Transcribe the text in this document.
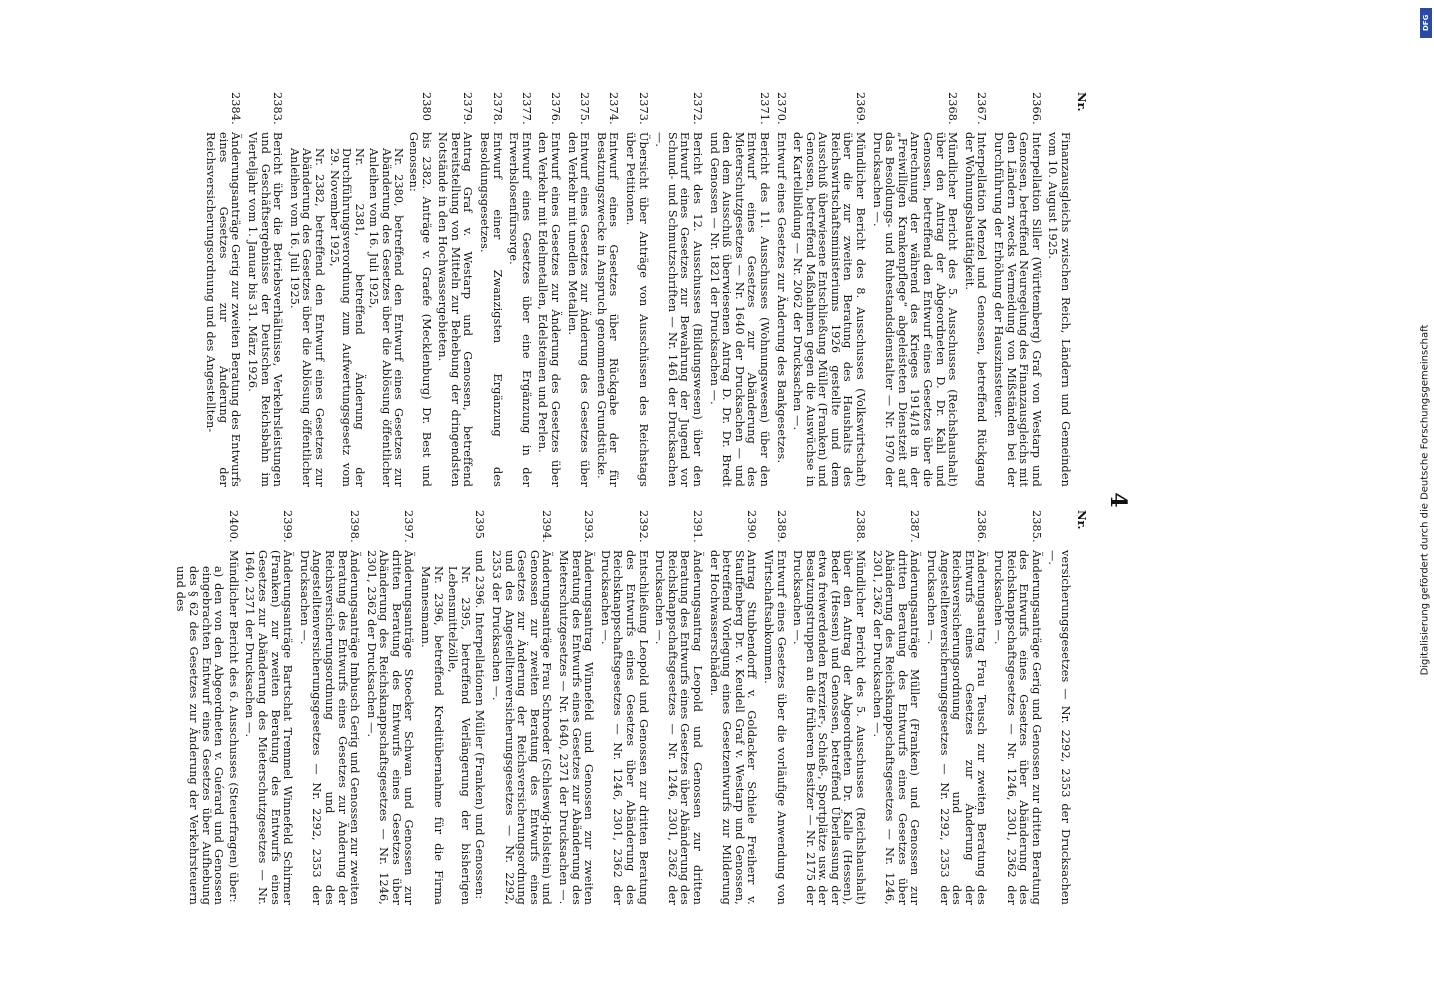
4
Nr.
Finanzausgleichs zwischen Reich, Ländern und Gemeinden vom 10. August 1925.
2366.
Interpellation Siller (Württemberg) Graf von Westarp und Genossen, betreffend Neuregelung des Finanzausgleichs mit den Ländern zwecks Vermeidung von Mißständen bei der Durchführung der Erhöhung der Hauszinssteuer.
2367.
Interpellation Menzel und Genossen, betreffend Rückgang der Wohnungsbautätigkeit.
2368.
Mündlicher Bericht des 5. Ausschusses (Reichshaushalt) über den Antrag der Abgeordneten D. Dr. Kahl und Genossen, betreffend den Entwurf eines Gesetzes über die Anrechnung der während des Krieges 1914/18 in der „Freiwilligen Krankenpflege“ abgeleisteten Dienstzeit auf das Besoldungs- und Ruhestandsdienstalter — Nr. 1970 der Drucksachen —.
2369.
Mündlicher Bericht des 8. Ausschusses (Volkswirtschaft) über die zur zweiten Beratung des Haushalts des Reichswirtschaftsministeriums 1926 gestellte und dem Ausschuß überwiesene Entschließung Müller (Franken) und Genossen, betreffend Maßnahmen gegen die Auswüchse in der Kartellbildung — Nr. 2062 der Drucksachen —.
2370.
Entwurf eines Gesetzes zur Änderung des Bankgesetzes.
2371.
Bericht des 11. Ausschusses (Wohnungswesen) über den Entwurf eines Gesetzes zur Abänderung des Mieterschutzgesetzes — Nr. 1640 der Drucksachen — und den dem Ausschuß überwiesenen Antrag D. Dr. Dr. Bredt und Genossen — Nr. 1821 der Drucksachen —.
2372.
Bericht des 12. Ausschusses (Bildungswesen) über den Entwurf eines Gesetzes zur Bewahrung der Jugend vor Schund- und Schmutzschriften — Nr. 1461 der Drucksachen —.
2373.
Übersicht über Anträge von Ausschüssen des Reichstags über Petitionen.
2374.
Entwurf eines Gesetzes über Rückgabe der für Besatzungszwecke in Anspruch genommenen Grundstücke.
2375.
Entwurf eines Gesetzes zur Änderung des Gesetzes über den Verkehr mit unedlen Metallen.
2376.
Entwurf eines Gesetzes zur Änderung des Gesetzes über den Verkehr mit Edelmetallen, Edelsteinen und Perlen.
2377.
Entwurf eines Gesetzes über eine Ergänzung in der Erwerbslosenfürsorge.
2378.
Entwurf einer Zwanzigsten Ergänzung des Besoldungsgesetzes.
2379.
Antrag Graf v. Westarp und Genossen, betreffend Bereitstellung von Mitteln zur Behebung der dringendsten Notstände in den Hochwassergebieten.
2380
bis 2382. Anträge v. Graefe (Mecklenburg) Dr. Best und Genossen:
Nr. 2380, betreffend den Entwurf eines Gesetzes zur Abänderung des Gesetzes über die Ablösung öffentlicher Anleihen vom 16. Juli 1925,
Nr. 2381, betreffend Änderung der Durchführungsverordnung zum Aufwertungsgesetz vom 29. November 1925,
Nr. 2382, betreffend den Entwurf eines Gesetzes zur Abänderung des Gesetzes über die Ablösung öffentlicher Anleihen vom 16. Juli 1925.
2383.
Bericht über die Betriebsverhältnisse, Verkehrsleistungen und Geschäftsergebnisse der Deutschen Reichsbahn im Vierteljahr vom 1. Januar bis 31. März 1926.
2384.
Änderungsanträge Gerig zur zweiten Beratung des Entwurfs eines Gesetzes zur Änderung der Reichsversicherungsordnung und des Angestellten-
Nr.
versicherungsgesetzes — Nr. 2292, 2353 der Drucksachen —.
2385.
Änderungsanträge Gerig und Genossen zur dritten Beratung des Entwurfs eines Gesetzes über Abänderung des Reichsknappschaftsgesetzes — Nr. 1246, 2301, 2362 der Drucksachen —.
2386.
Änderungsantrag Frau Teusch zur zweiten Beratung des Entwurfs eines Gesetzes zur Änderung der Reichsversicherungsordnung und des Angestelltenversicherungsgesetzes — Nr. 2292, 2353 der Drucksachen —.
2387.
Änderungsanträge Müller (Franken) und Genossen zur dritten Beratung des Entwurfs eines Gesetzes über Abänderung des Reichsknappschaftsgesetzes — Nr. 1246, 2301, 2362 der Drucksachen —.
2388.
Mündlicher Bericht des 5. Ausschusses (Reichshaushalt) über den Antrag der Abgeordneten Dr. Kalle (Hessen), Beder (Hessen) und Genossen, betreffend Überlassung der etwa freiwerdenden Exerzier-, Schieß-, Sportplätze usw. der Besatzungstruppen an die früheren Besitzer — Nr. 2175 der Drucksachen —.
2389.
Entwurf eines Gesetzes über die vorläufige Anwendung von Wirtschaftsabkommen.
2390.
Antrag Stubbendorff v. Goldacker Schiele Freiherr v. Stauffenberg Dr. v. Keudell Graf v. Westarp und Genossen, betreffend Vorlegung eines Gesetzentwurfs zur Milderung der Hochwasserschäden.
2391.
Änderungsantrag Leopold und Genossen zur dritten Beratung des Entwurfs eines Gesetzes über Abänderung des Reichsknappschaftsgesetzes — Nr. 1246, 2301, 2362 der Drucksachen —.
2392.
Entschließung Leopold und Genossen zur dritten Beratung des Entwurfs eines Gesetzes über Abänderung des Reichsknappschaftsgesetzes — Nr. 1246, 2301, 2362 der Drucksachen —.
2393.
Änderungsantrag Winnefeld und Genossen zur zweiten Beratung des Entwurfs eines Gesetzes zur Abänderung des Mieterschutzgesetzes — Nr. 1640, 2371 der Drucksachen —.
2394.
Änderungsanträge Frau Schroeder (Schleswig-Holstein) und Genossen zur zweiten Beratung des Entwurfs eines Gesetzes zur Änderung der Reichsversicherungsordnung und des Angestelltenversicherungsgesetzes — Nr. 2292, 2353 der Drucksachen —.
2395
und 2396. Interpellationen Müller (Franken) und Genossen:
Nr. 2395, betreffend Verlängerung der bisherigen Lebensmittelzölle,
Nr. 2396, betreffend Kreditübernahme für die Firma Mannesmann.
2397.
Änderungsanträge Stoecker Schwan und Genossen zur dritten Beratung des Entwurfs eines Gesetzes über Abänderung des Reichsknappschaftsgesetzes — Nr. 1246, 2301, 2362 der Drucksachen —.
2398.
Änderungsanträge Imbusch Gerig und Genossen zur zweiten Beratung des Entwurfs eines Gesetzes zur Änderung der Reichsversicherungsordnung und des Angestelltenversicherungsgesetzes — Nr. 2292, 2353 der Drucksachen —.
2399.
Änderungsanträge Bartschat Tremmel Winnefeld Schirmer (Franken) zur zweiten Beratung des Entwurfs eines Gesetzes zur Abänderung des Mieterschutzgesetzes — Nr. 1640, 2371 der Drucksachen —.
2400.
Mündlicher Bericht des 6. Ausschusses (Steuerfragen) über:
a) den von den Abgeordneten v. Guérard und Genossen eingebrachten Entwurf eines Gesetzes über Aufhebung des § 62 des Gesetzes zur Änderung der Verkehrsteuern und des	Digitalisierung gefördert durch die Deutsche Forschungsgemeinschaft
DFG
